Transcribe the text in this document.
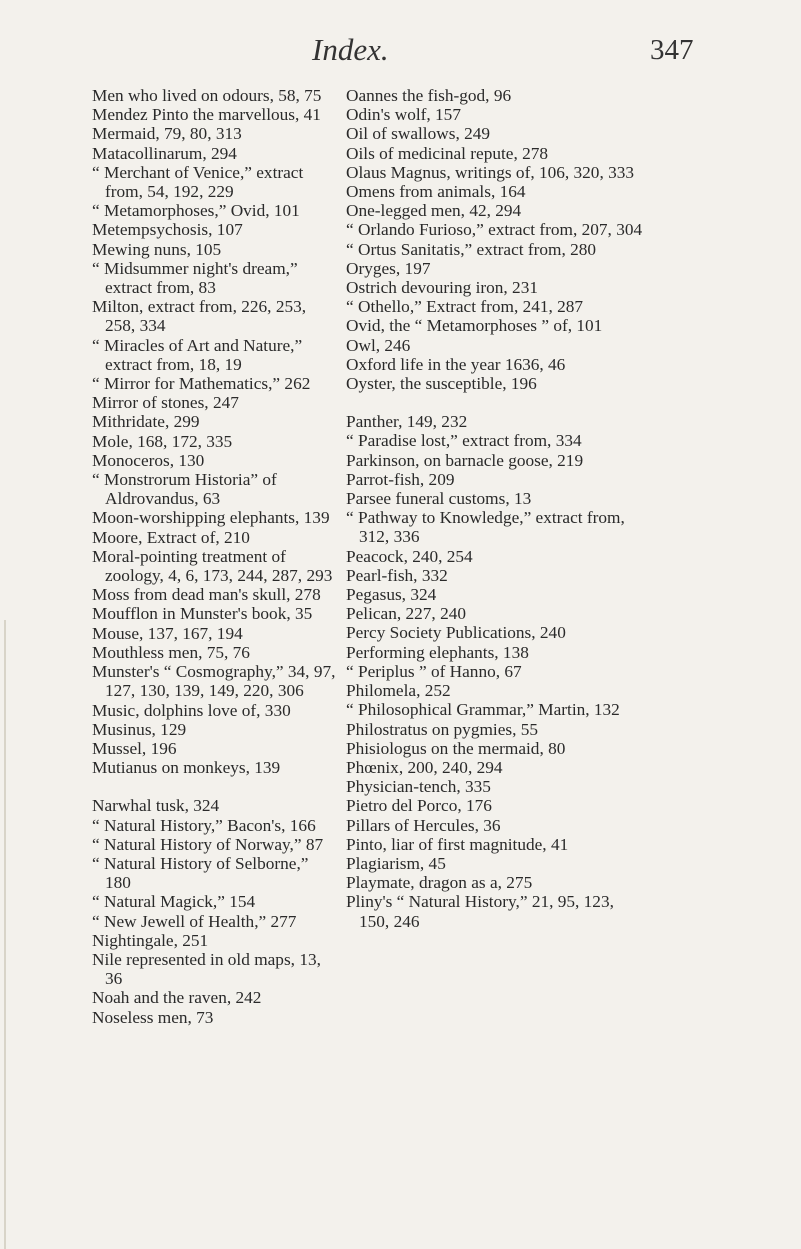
Index.	347

Men who lived on odours, 58, 75

Mendez Pinto the marvellous, 41

Mermaid, 79, 80, 313

Matacollinarum, 294

“ Merchant of Venice,” extract from, 54, 192, 229

“ Metamorphoses,” Ovid, 101

Metempsychosis, 107

Mewing nuns, 105

“ Midsummer night's dream,” extract from, 83

Milton, extract from, 226, 253, 258, 334

“ Miracles of Art and Nature,” extract from, 18, 19

“ Mirror for Mathematics,” 262

Mirror of stones, 247

Mithridate, 299

Mole, 168, 172, 335

Monoceros, 130

“ Monstrorum Historia” of Aldrovandus, 63

Moon-worshipping elephants, 139

Moore, Extract of, 210

Moral-pointing treatment of zoology, 4, 6, 173, 244, 287, 293

Moss from dead man's skull, 278

Moufflon in Munster's book, 35

Mouse, 137, 167, 194

Mouthless men, 75, 76

Munster's “ Cosmography,” 34, 97, 127, 130, 139, 149, 220, 306

Music, dolphins love of, 330

Musinus, 129

Mussel, 196

Mutianus on monkeys, 139

Narwhal tusk, 324

“ Natural History,” Bacon's, 166

“ Natural History of Norway,” 87

“ Natural History of Selborne,” 180

“ Natural Magick,” 154

“ New Jewell of Health,” 277

Nightingale, 251

Nile represented in old maps, 13, 36

Noah and the raven, 242

Noseless men, 73

Oannes the fish-god, 96

Odin's wolf, 157

Oil of swallows, 249

Oils of medicinal repute, 278

Olaus Magnus, writings of, 106, 320, 333

Omens from animals, 164

One-legged men, 42, 294

“ Orlando Furioso,” extract from, 207, 304

“ Ortus Sanitatis,” extract from, 280

Oryges, 197

Ostrich devouring iron, 231

“ Othello,” Extract from, 241, 287

Ovid, the “ Metamorphoses ” of, 101

Owl, 246

Oxford life in the year 1636, 46

Oyster, the susceptible, 196

Panther, 149, 232

“ Paradise lost,” extract from, 334

Parkinson, on barnacle goose, 219

Parrot-fish, 209

Parsee funeral customs, 13

“ Pathway to Knowledge,” extract from, 312, 336

Peacock, 240, 254

Pearl-fish, 332

Pegasus, 324

Pelican, 227, 240

Percy Society Publications, 240

Performing elephants, 138

“ Periplus ” of Hanno, 67

Philomela, 252

“ Philosophical Grammar,” Martin, 132

Philostratus on pygmies, 55

Phisiologus on the mermaid, 80

Phœnix, 200, 240, 294

Physician-tench, 335

Pietro del Porco, 176

Pillars of Hercules, 36

Pinto, liar of first magnitude, 41

Plagiarism, 45

Playmate, dragon as a, 275

Pliny's “ Natural History,” 21, 95, 123, 150, 246
